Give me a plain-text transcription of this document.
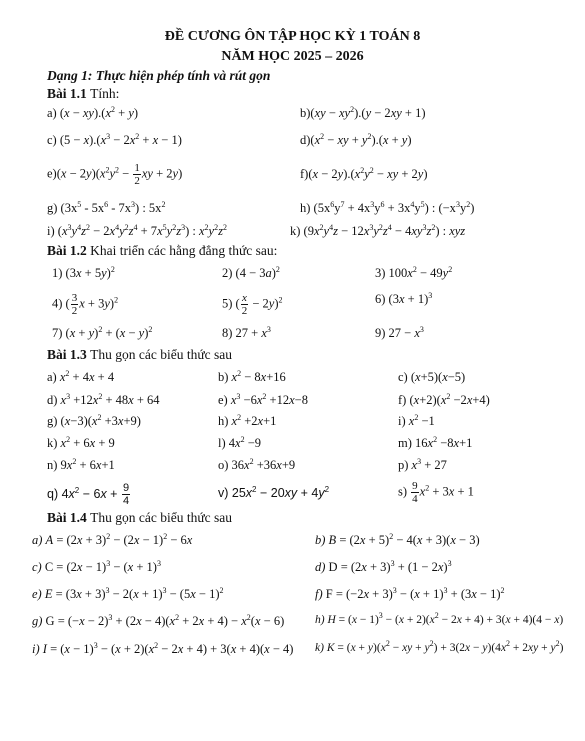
ĐỀ CƯƠNG ÔN TẬP HỌC KỲ 1 TOÁN 8
NĂM HỌC 2025 – 2026
Dạng 1: Thực hiện phép tính và rút gọn
Bài 1.1 Tính:
a) $(x - xy).(x^2 + y)$	$b)(xy - xy^2).(y - 2xy + 1)$
c) $(5 - x).(x^3 - 2x^2 + x - 1)$	$d)(x^2$ − xy + $y^2).(x + y)$
$e)(x - 2y)(x^2y^2 - \frac{1}{2}$ xy + 2y)	$f)(x - 2y).(x^2y^2$ − xy + 2y)
g) $(3x^5 - 5x^6 - 7x^3)$ : $5x^2$	h) $(5x^6y^7 + 4x^3y^6 + 3x^4y^5)$ : $(-x^3y^2)$
i) $(x^3y^4z^2 - 2x^4y^2z^4 + 7x^5y^2z^3)$ : $x^2y^2z^2$	k) $(9x^2y^4z - 12x^3y^2z^4 - 4xy^3z^2)$ : xyz
Bài 1.2 Khai triển các hằng đẳng thức sau:
1) $(3x + 5y)^2$	2) $(4 - 3a)^2$	3) $100x^2 - 49y^2$
4) ( $\frac{3}{2}$ x + 3y)$^2$	5) ( $\frac{x}{2} - 2y)^2$	6) $(3x + 1)^3$
7) $(x + y)^2 + (x - y)^2$	8) $27 + x^3$	9) $27 - x^3$
Bài 1.3 Thu gọn các biểu thức sau
a) $x^2 + 4x + 4$	b) $x^2 - 8x+16$	c) (x+5)(x−5)
d) $x^3 +12x^2 + 48x + 64$	e) $x^3 -6x^2 +12x-8$	f) $(x+2)(x^2 -2x+4)$
g) $(x-3)(x^2 +3x+9)$	h) $x^2 +2x+1$	i) $x^2 -1$
k) $x^2 + 6x + 9$	l) $4x^2 -9$	m) $16x^2 -8x+1$
n) $9x^2 + 6x+1$	o) $36x^2 +36x+9$	p) $x^3 + 27$
q) $4x^2 - 6x + \frac{9}{4}$	v) $25x^2 - 20xy + 4y^2$	$s) \frac{9}{4} x^2 + 3x + 1$
Bài 1.4 Thu gọn các biểu thức sau
a) $A = (2x + 3)^2 - (2x - 1)^2 - 6x$	b) $B = (2x + 5)^2 - 4(x + 3)(x - 3)$
c) $C = (2x - 1)^3 - (x + 1)^3$	d) $D = (2x + 3)^3 + (1 - 2x)^3$
e) $E = (3x + 3)^3 - 2(x + 1)^3 - (5x - 1)^2$	f) $F = (-2x + 3)^3 - (x + 1)^3 + (3x - 1)^2$
g) $G = (-x - 2)^3 + (2x - 4)(x^2 + 2x + 4) - x^2(x - 6)$	h) $H = (x - 1)^3 - (x + 2)(x^2 - 2x + 4) + 3(x + 4)(4 - x)$
i) $I = (x - 1)^3 - (x + 2)(x^2 - 2x + 4) + 3(x + 4)(x - 4)$ k) $K = (x + y)(x^2$ − xy + $y^2) + 3(2x - y)(4x^2 + 2xy + y^2)$
